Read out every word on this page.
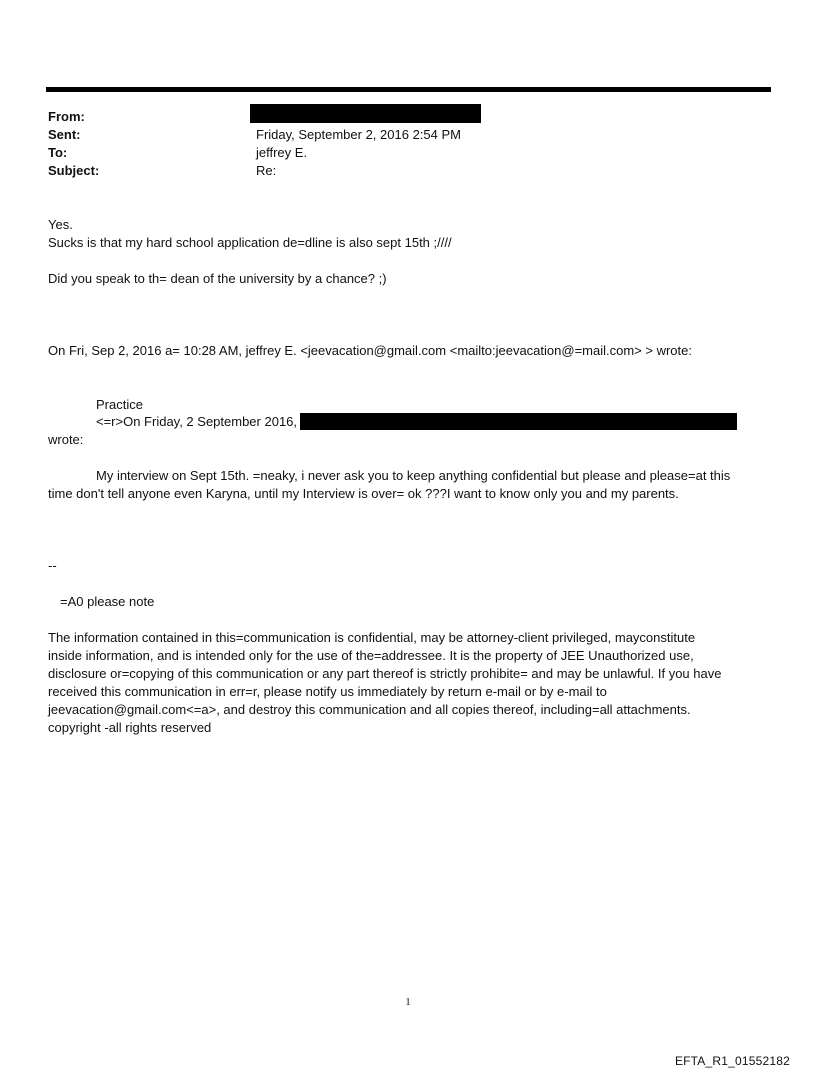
From:
Sent:	Friday, September 2, 2016 2:54 PM
To:	jeffrey E.
Subject:	Re:
Yes.
Sucks is that my hard school application de=dline is also sept 15th ;////
Did you speak to th= dean of the university by a chance? ;)
On Fri, Sep 2, 2016 a= 10:28 AM, jeffrey E. <jeevacation@gmail.com <mailto:jeevacation@=mail.com> > wrote:
Practice
<=r>On Friday, 2 September 2016,
wrote:
My interview on Sept 15th. =neaky, i never ask you to keep anything confidential but please and please=at this
time don't tell anyone even Karyna, until my Interview is over= ok ???I want to know only you and my parents.
--
=A0 please note
The information contained in this=communication is confidential, may be attorney-client privileged, mayconstitute
inside information, and is intended only for the use of the=addressee. It is the property of JEE Unauthorized use,
disclosure or=copying of this communication or any part thereof is strictly prohibite= and may be unlawful. If you have
received this communication in err=r, please notify us immediately by return e-mail or by e-mail to
jeevacation@gmail.com<=a>, and destroy this communication and all copies thereof, including=all attachments.
copyright -all rights reserved
1
EFTA_R1_01552182
